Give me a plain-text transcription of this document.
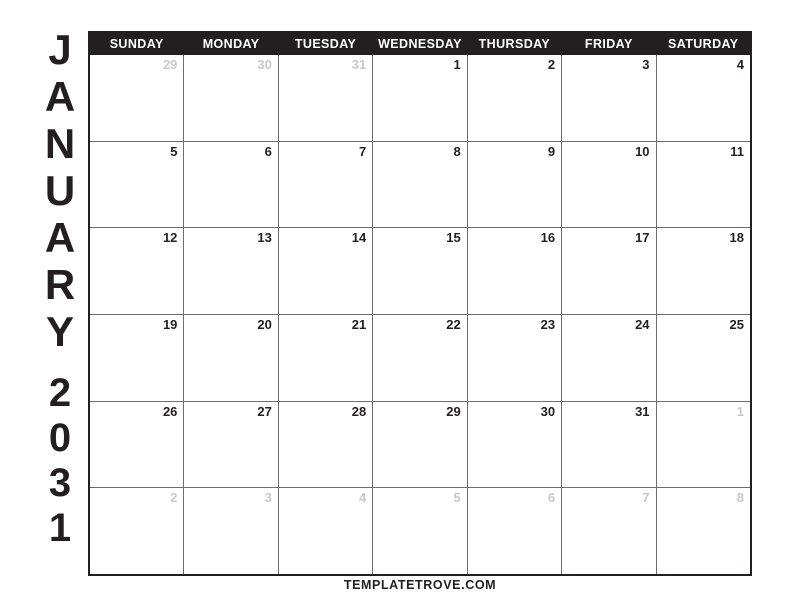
J
A
N
U
A
R
Y
2
0
3
1
SUNDAY	MONDAY	TUESDAY	WEDNESDAY	THURSDAY	FRIDAY	SATURDAY
29	30	31	1	2	3	4
5	6	7	8	9	10	11
12	13	14	15	16	17	18
19	20	21	22	23	24	25
26	27	28	29	30	31	1
2	3	4	5	6	7	8
TEMPLATETROVE.COM
